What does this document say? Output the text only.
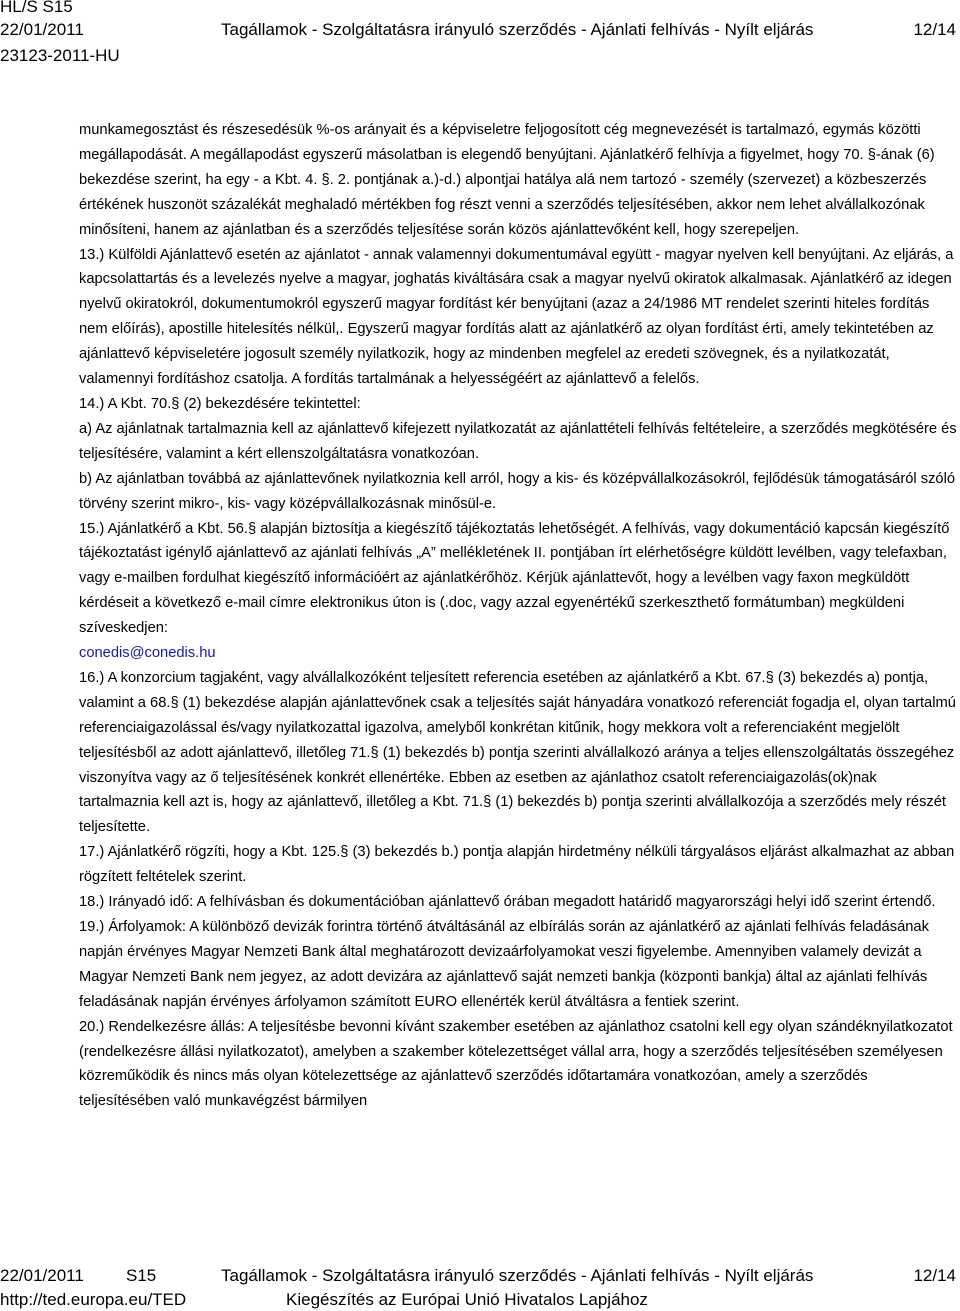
munkamegosztást és részesedésük %-os arányait és a képviseletre feljogosított cég megnevezését is tartalmazó, egymás közötti megállapodását. A megállapodást egyszerű másolatban is elegendő benyújtani. Ajánlatkérő felhívja a figyelmet, hogy 70. §-ának (6) bekezdése szerint, ha egy - a Kbt. 4. §. 2. pontjának a.)-d.) alpontjai hatálya alá nem tartozó - személy (szervezet) a közbeszerzés értékének huszonöt százalékát meghaladó mértékben fog részt venni a szerződés teljesítésében, akkor nem lehet alvállalkozónak minősíteni, hanem az ajánlatban és a szerződés teljesítése során közös ajánlattevőként kell, hogy szerepeljen.

13.) Külföldi Ajánlattevő esetén az ajánlatot - annak valamennyi dokumentumával együtt - magyar nyelven kell benyújtani. Az eljárás, a kapcsolattartás és a levelezés nyelve a magyar, joghatás kiváltására csak a magyar nyelvű okiratok alkalmasak. Ajánlatkérő az idegen nyelvű okiratokról, dokumentumokról egyszerű magyar fordítást kér benyújtani (azaz a 24/1986 MT rendelet szerinti hiteles fordítás nem előírás), apostille hitelesítés nélkül,. Egyszerű magyar fordítás alatt az ajánlatkérő az olyan fordítást érti, amely tekintetében az ajánlattevő képviseletére jogosult személy nyilatkozik, hogy az mindenben megfelel az eredeti szövegnek, és a nyilatkozatát, valamennyi fordításhoz csatolja. A fordítás tartalmának a helyességéért az ajánlattevő a felelős.

14.) A Kbt. 70.§ (2) bekezdésére tekintettel:

a) Az ajánlatnak tartalmaznia kell az ajánlattevő kifejezett nyilatkozatát az ajánlattételi felhívás feltételeire, a szerződés megkötésére és teljesítésére, valamint a kért ellenszolgáltatásra vonatkozóan.

b) Az ajánlatban továbbá az ajánlattevőnek nyilatkoznia kell arról, hogy a kis- és középvállalkozásokról, fejlődésük támogatásáról szóló törvény szerint mikro-, kis- vagy középvállalkozásnak minősül-e.

15.) Ajánlatkérő a Kbt. 56.§ alapján biztosítja a kiegészítő tájékoztatás lehetőségét. A felhívás, vagy dokumentáció kapcsán kiegészítő tájékoztatást igénylő ajánlattevő az ajánlati felhívás „A” mellékletének II. pontjában írt elérhetőségre küldött levélben, vagy telefaxban, vagy e-mailben fordulhat kiegészítő információért az ajánlatkérőhöz. Kérjük ajánlattevőt, hogy a levélben vagy faxon megküldött kérdéseit a következő e-mail címre elektronikus úton is (.doc, vagy azzal egyenértékű szerkeszthető formátumban) megküldeni szíveskedjen:
conedis@conedis.hu

16.) A konzorcium tagjaként, vagy alvállalkozóként teljesített referencia esetében az ajánlatkérő a Kbt. 67.§ (3) bekezdés a) pontja, valamint a 68.§ (1) bekezdése alapján ajánlattevőnek csak a teljesítés saját hányadára vonatkozó referenciát fogadja el, olyan tartalmú referenciaigazolással és/vagy nyilatkozattal igazolva, amelyből konkrétan kitűnik, hogy mekkora volt a referenciaként megjelölt teljesítésből az adott ajánlattevő, illetőleg 71.§ (1) bekezdés b) pontja szerinti alvállalkozó aránya a teljes ellenszolgáltatás összegéhez viszonyítva vagy az ő teljesítésének konkrét ellenértéke. Ebben az esetben az ajánlathoz csatolt referenciaigazolás(ok)nak tartalmaznia kell azt is, hogy az ajánlattevő, illetőleg a Kbt. 71.§ (1) bekezdés b) pontja szerinti alvállalkozója a szerződés mely részét teljesítette.

17.) Ajánlatkérő rögzíti, hogy a Kbt. 125.§ (3) bekezdés b.) pontja alapján hirdetmény nélküli tárgyalásos eljárást alkalmazhat az abban rögzített feltételek szerint.

18.) Irányadó idő: A felhívásban és dokumentációban ajánlattevő órában megadott határidő magyarországi helyi idő szerint értendő.

19.) Árfolyamok: A különböző devizák forintra történő átváltásánál az elbírálás során az ajánlatkérő az ajánlati felhívás feladásának napján érvényes Magyar Nemzeti Bank által meghatározott devizaárfolyamokat veszi figyelembe. Amennyiben valamely devizát a Magyar Nemzeti Bank nem jegyez, az adott devizára az ajánlattevő saját nemzeti bankja (központi bankja) által az ajánlati felhívás feladásának napján érvényes árfolyamon számított EURO ellenérték kerül átváltásra a fentiek szerint.

20.) Rendelkezésre állás: A teljesítésbe bevonni kívánt szakember esetében az ajánlathoz csatolni kell egy olyan szándéknyilatkozatot (rendelkezésre állási nyilatkozatot), amelyben a szakember kötelezettséget vállal arra, hogy a szerződés teljesítésében személyesen közreműködik és nincs más olyan kötelezettsége az ajánlattevő szerződés időtartamára vonatkozóan, amely a szerződés teljesítésében való munkavégzést bármilyen

HL/S S15
22/01/2011	Tagállamok - Szolgáltatásra irányuló szerződés - Ajánlati felhívás - Nyílt eljárás	12/14
23123-2011-HU
22/01/2011 S15	Tagállamok - Szolgáltatásra irányuló szerződés - Ajánlati felhívás - Nyílt eljárás	12/14
http://ted.europa.eu/TED	Kiegészítés az Európai Unió Hivatalos Lapjához
